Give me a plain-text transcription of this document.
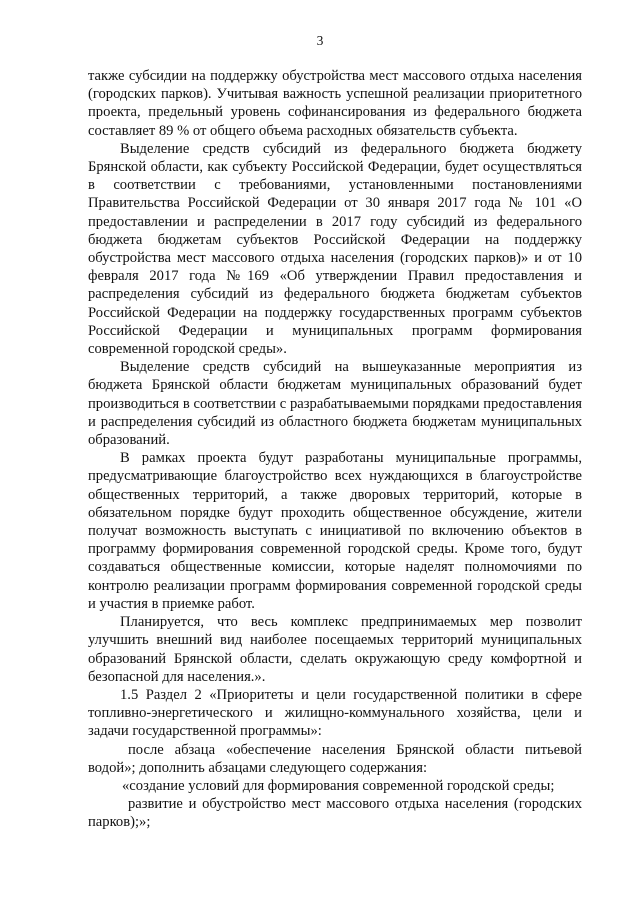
3

также субсидии на поддержку обустройства мест массового отдыха населения (городских парков). Учитывая важность успешной реализации приоритетного проекта, предельный уровень софинансирования из федерального бюджета составляет 89 % от общего объема расходных обязательств субъекта.

Выделение средств субсидий из федерального бюджета бюджету Брянской области, как субъекту Российской Федерации, будет осуществляться в соответствии с требованиями, установленными постановлениями Правительства Российской Федерации от 30 января 2017 года № 101 «О предоставлении и распределении в 2017 году субсидий из федерального бюджета бюджетам субъектов Российской Федерации на поддержку обустройства мест массового отдыха населения (городских парков)» и от 10 февраля 2017 года №169 «Об утверждении Правил предоставления и распределения субсидий из федерального бюджета бюджетам субъектов Российской Федерации на поддержку государственных программ субъектов Российской Федерации и муниципальных программ формирования современной городской среды».

Выделение средств субсидий на вышеуказанные мероприятия из бюджета Брянской области бюджетам муниципальных образований будет производиться в соответствии с разрабатываемыми порядками предоставления и распределения субсидий из областного бюджета бюджетам муниципальных образований.

В рамках проекта будут разработаны муниципальные программы, предусматривающие благоустройство всех нуждающихся в благоустройстве общественных территорий, а также дворовых территорий, которые в обязательном порядке будут проходить общественное обсуждение, жители получат возможность выступать с инициативой по включению объектов в программу формирования современной городской среды. Кроме того, будут создаваться общественные комиссии, которые наделят полномочиями по контролю реализации программ формирования современной городской среды и участия в приемке работ.

Планируется, что весь комплекс предпринимаемых мер позволит улучшить внешний вид наиболее посещаемых территорий муниципальных образований Брянской области, сделать окружающую среду комфортной и безопасной для населения.».

1.5 Раздел 2 «Приоритеты и цели государственной политики в сфере топливно-энергетического и жилищно-коммунального хозяйства, цели и задачи государственной программы»:

после абзаца «обеспечение населения Брянской области питьевой водой»; дополнить абзацами следующего содержания:

«создание условий для формирования современной городской среды;

развитие и обустройство мест массового отдыха населения (городских парков);»;
